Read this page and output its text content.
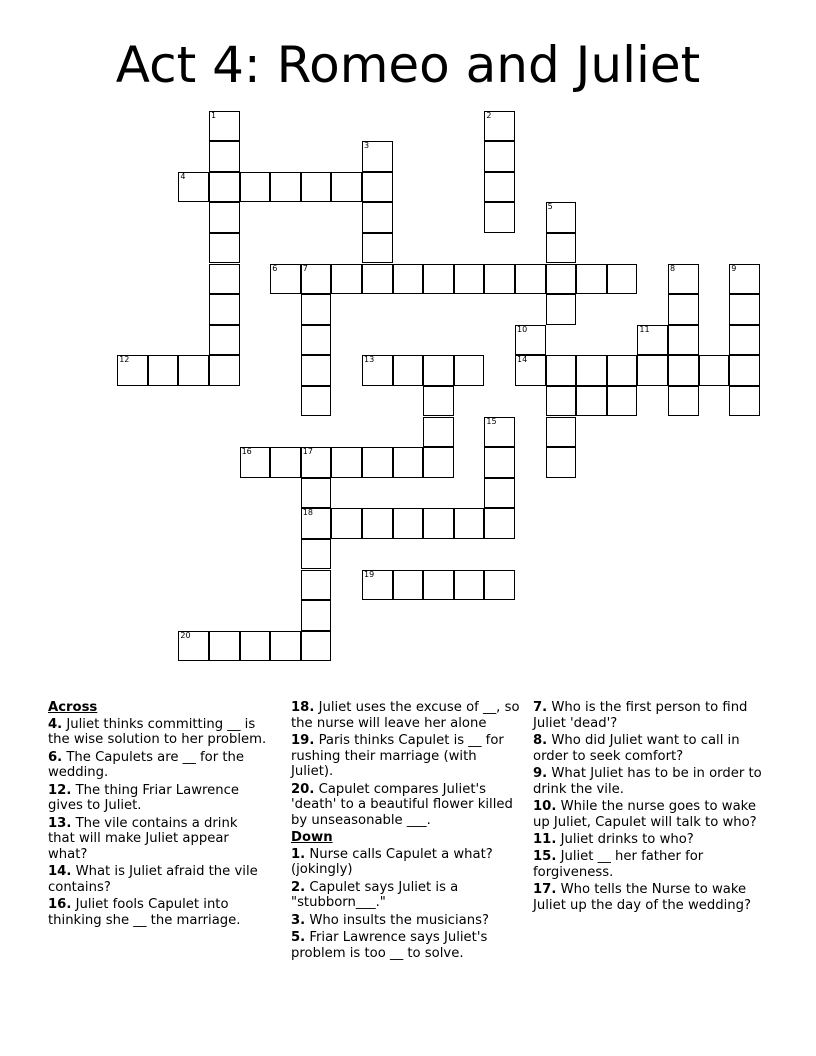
Act 4: Romeo and Juliet
1	2
3
4
5
6	7	8	9
10	11
12	13	14
15
16	17
18
19
20
Across

4. Juliet thinks committing __ is the wise solution to her problem.

6. The Capulets are __ for the wedding.

12. The thing Friar Lawrence gives to Juliet.

13. The vile contains a drink that will make Juliet appear what?

14. What is Juliet afraid the vile contains?

16. Juliet fools Capulet into thinking she __ the marriage.

18. Juliet uses the excuse of __, so the nurse will leave her alone

19. Paris thinks Capulet is __ for rushing their marriage (with Juliet).

20. Capulet compares Juliet's 'death' to a beautiful flower killed by unseasonable ___.

Down

1. Nurse calls Capulet a what? (jokingly)

2. Capulet says Juliet is a "stubborn___."

3. Who insults the musicians?

5. Friar Lawrence says Juliet's problem is too __ to solve.

7. Who is the first person to find Juliet 'dead'?

8. Who did Juliet want to call in order to seek comfort?

9. What Juliet has to be in order to drink the vile.

10. While the nurse goes to wake up Juliet, Capulet will talk to who?

11. Juliet drinks to who?

15. Juliet __ her father for forgiveness.

17. Who tells the Nurse to wake Juliet up the day of the wedding?
